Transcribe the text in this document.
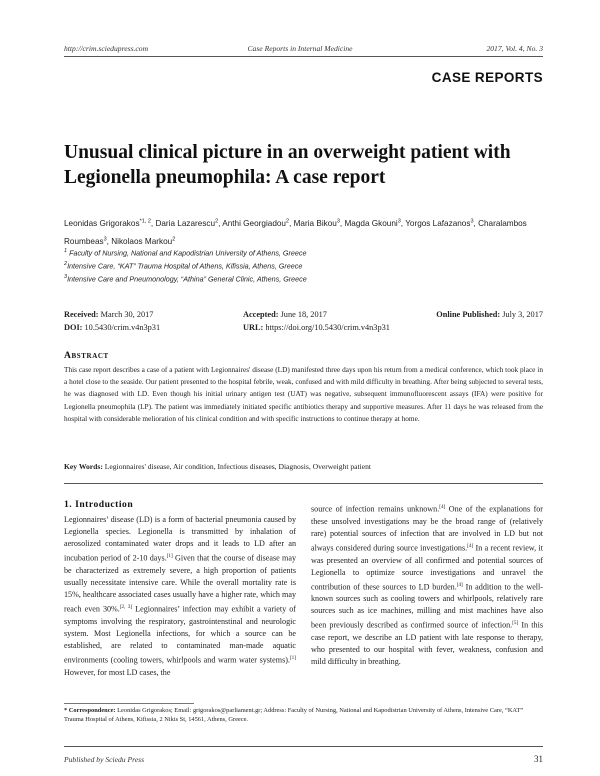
http://crim.sciedupress.com	Case Reports in Internal Medicine	2017, Vol. 4, No. 3
CASE REPORTS
Unusual clinical picture in an overweight patient with Legionella pneumophila: A case report
Leonidas Grigorakos$^{*1, 2}$, Daria Lazarescu$^2$, Anthi Georgiadou$^2$, Maria Bikou$^3$, Magda Gkouni$^3$, Yorgos Lafazanos$^3$, Charalambos Roumbeas$^3$, Nikolaos Markou$^2$
$^1$ Faculty of Nursing, National and Kapodistrian University of Athens, Greece
$^2$Intensive Care, “KAT” Trauma Hospital of Athens, Kifissia, Athens, Greece
$^3$Intensive Care and Pneumonology, “Athina” General Clinic, Athens, Greece
Received: March 30, 2017	Accepted: June 18, 2017	Online Published: July 3, 2017
DOI: 10.5430/crim.v4n3p31	URL: https://doi.org/10.5430/crim.v4n3p31
Abstract
This case report describes a case of a patient with Legionnaires' disease (LD) manifested three days upon his return from a medical conference, which took place in a hotel close to the seaside. Our patient presented to the hospital febrile, weak, confused and with mild difficulty in breathing. After being subjected to several tests, he was diagnosed with LD. Even though his initial urinary antigen test (UAT) was negative, subsequent immunofluorescent assays (IFA) were positive for Legionella pneumophila (LP). The patient was immediately initiated specific antibiotics therapy and supportive measures. After 11 days he was released from the hospital with considerable melioration of his clinical condition and with specific instructions to continue therapy at home.
Key Words: Legionnaires' disease, Air condition, Infectious diseases, Diagnosis, Overweight patient
1. Introduction
Legionnaires’ disease (LD) is a form of bacterial pneumonia caused by Legionella species. Legionella is transmitted by inhalation of aerosolized contaminated water drops and it leads to LD after an incubation period of 2-10 days.[1] Given that the course of disease may be characterized as extremely severe, a high proportion of patients usually necessitate intensive care. While the overall mortality rate is 15%, healthcare associated cases usually have a higher rate, which may reach even 30%.[2, 3] Legionnaires’ infection may exhibit a variety of symptoms involving the respiratory, gastrointenstinal and neurologic system. Most Legionella infections, for which a source can be established, are related to contaminated man-made aquatic environments (cooling towers, whirlpools and warm water systems).[1] However, for most LD cases, the
source of infection remains unknown.[4] One of the explanations for these unsolved investigations may be the broad range of (relatively rare) potential sources of infection that are involved in LD but not always considered during source investigations.[4] In a recent review, it was presented an overview of all confirmed and potential sources of Legionella to optimize source investigations and unravel the contribution of these sources to LD burden.[4] In addition to the well-known sources such as cooling towers and whirlpools, relatively rare sources such as ice machines, milling and mist machines have also been previously described as confirmed source of infection.[5] In this case report, we describe an LD patient with late response to therapy, who presented to our hospital with fever, weakness, confusion and mild difficulty in breathing.
* Correspondence: Leonidas Grigorakos; Email: grigorakos@parliament.gr; Address: Faculty of Nursing, National and Kapodistrian University of Athens, Intensive Care, “KAT” Trauma Hospital of Athens, Kifissia, 2 Nikis St, 14561, Athens, Greece.
Published by Sciedu Press	31
